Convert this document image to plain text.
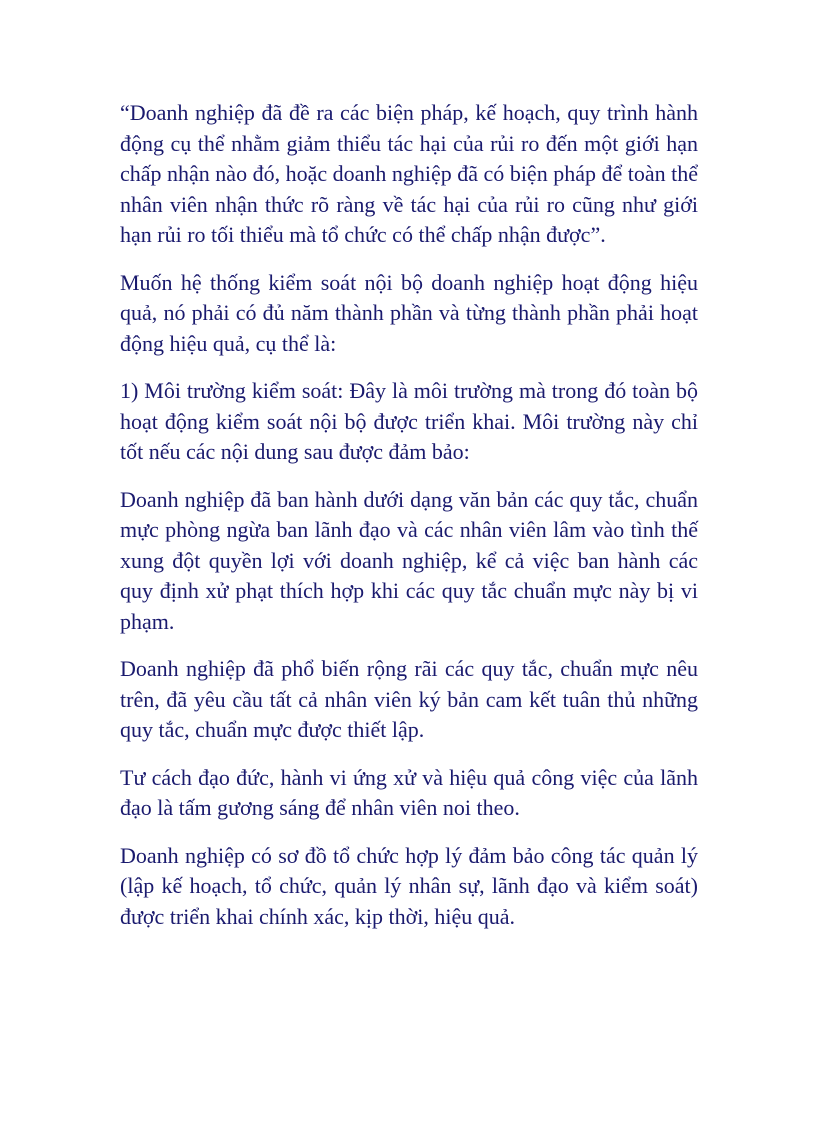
“Doanh nghiệp đã đề ra các biện pháp, kế hoạch, quy trình hành động cụ thể nhằm giảm thiểu tác hại của rủi ro đến một giới hạn chấp nhận nào đó, hoặc doanh nghiệp đã có biện pháp để toàn thể nhân viên nhận thức rõ ràng về tác hại của rủi ro cũng như giới hạn rủi ro tối thiểu mà tổ chức có thể chấp nhận được”.

Muốn hệ thống kiểm soát nội bộ doanh nghiệp hoạt động hiệu quả, nó phải có đủ năm thành phần và từng thành phần phải hoạt động hiệu quả, cụ thể là:

1) Môi trường kiểm soát: Đây là môi trường mà trong đó toàn bộ hoạt động kiểm soát nội bộ được triển khai. Môi trường này chỉ tốt nếu các nội dung sau được đảm bảo:

Doanh nghiệp đã ban hành dưới dạng văn bản các quy tắc, chuẩn mực phòng ngừa ban lãnh đạo và các nhân viên lâm vào tình thế xung đột quyền lợi với doanh nghiệp, kể cả việc ban hành các quy định xử phạt thích hợp khi các quy tắc chuẩn mực này bị vi phạm.

Doanh nghiệp đã phổ biến rộng rãi các quy tắc, chuẩn mực nêu trên, đã yêu cầu tất cả nhân viên ký bản cam kết tuân thủ những quy tắc, chuẩn mực được thiết lập.

Tư cách đạo đức, hành vi ứng xử và hiệu quả công việc của lãnh đạo là tấm gương sáng để nhân viên noi theo.

Doanh nghiệp có sơ đồ tổ chức hợp lý đảm bảo công tác quản lý (lập kế hoạch, tổ chức, quản lý nhân sự, lãnh đạo và kiểm soát) được triển khai chính xác, kịp thời, hiệu quả.
